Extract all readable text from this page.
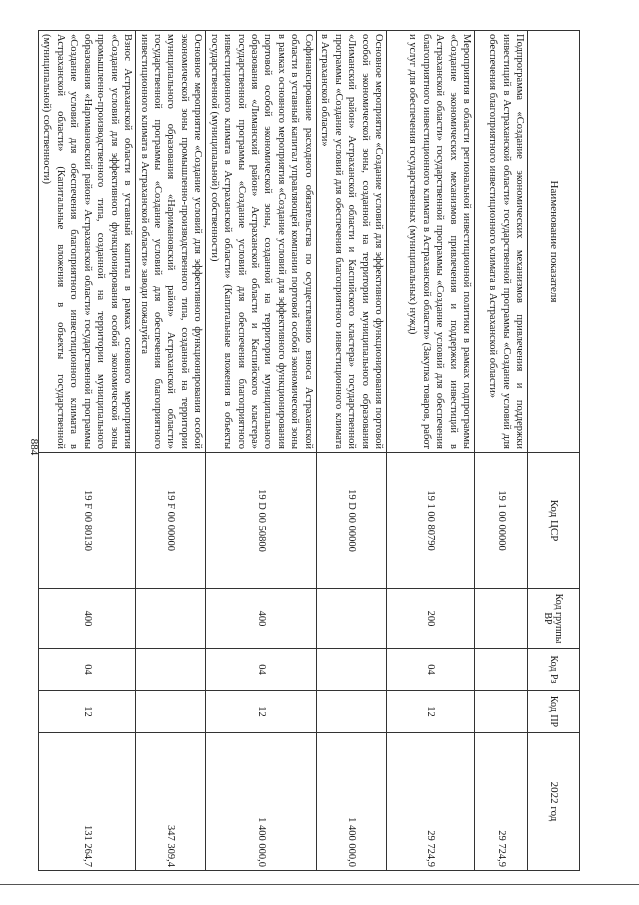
884
Наименование показателя	Код ЦСР	Код группы ВР	Код Рз	Код ПР	2022 год
Подпрограмма «Создание экономических механизмов привлечения и поддержки инвестиций в Астраханской области» государственной программы «Создание условий для обеспечения благоприятного инвестиционного климата в Астраханской области»	19 1 00 00000				29 724,9
Мероприятия в области региональной инвестиционной политики в рамках подпрограммы «Создание экономических механизмов привлечения и поддержки инвестиций в Астраханской области» государственной программы «Создание условий для обеспечения благоприятного инвестиционного климата в Астраханской области» (Закупка товаров, работ и услуг для обеспечения государственных (муниципальных) нужд)	19 1 00 80790	200	04	12	29 724,9
Основное мероприятие «Создание условий для эффективного функционирования портовой особой экономической зоны, созданной на территории муниципального образования «Лиманский район» Астраханской области и Каспийского кластера» государственной программы «Создание условий для обеспечения благоприятного инвестиционного климата в Астраханской области»	19 D 00 00000				1 400 000,0
Софинансирование расходного обязательства по осуществлению взноса Астраханской области в уставный капитал управляющей компании портовой особой экономической зоны в рамках основного мероприятия «Создание условий для эффективного функционирования портовой особой экономической зоны, созданной на территории муниципального образования «Лиманский район» Астраханской области и Каспийского кластера» государственной программы «Создание условий для обеспечения благоприятного инвестиционного климата в Астраханской области» (Капитальные вложения в объекты государственной (муниципальной) собственности)	19 D 00 50800	400	04	12	1 400 000,0
Основное мероприятие «Создание условий для эффективного функционирования особой экономической зоны промышленно-производственного типа, созданной на территории муниципального образования «Наримановский район» Астраханской области» государственной программы «Создание условий для обеспечения благоприятного инвестиционного климата в Астраханской области» заводи пожалуйста	19 F 00 00000				347 309,4
Взнос Астраханской области в уставный капитал в рамках основного мероприятия «Создание условий для эффективного функционирования особой экономической зоны промышленно-производственного типа, созданной на территории муниципального образования «Наримановский район» Астраханской области» государственной программы «Создание условий для обеспечения благоприятного инвестиционного климата в Астраханской области» (Капитальные вложения в объекты государственной (муниципальной) собственности)	19 F 00 80130	400	04	12	131 264,7
